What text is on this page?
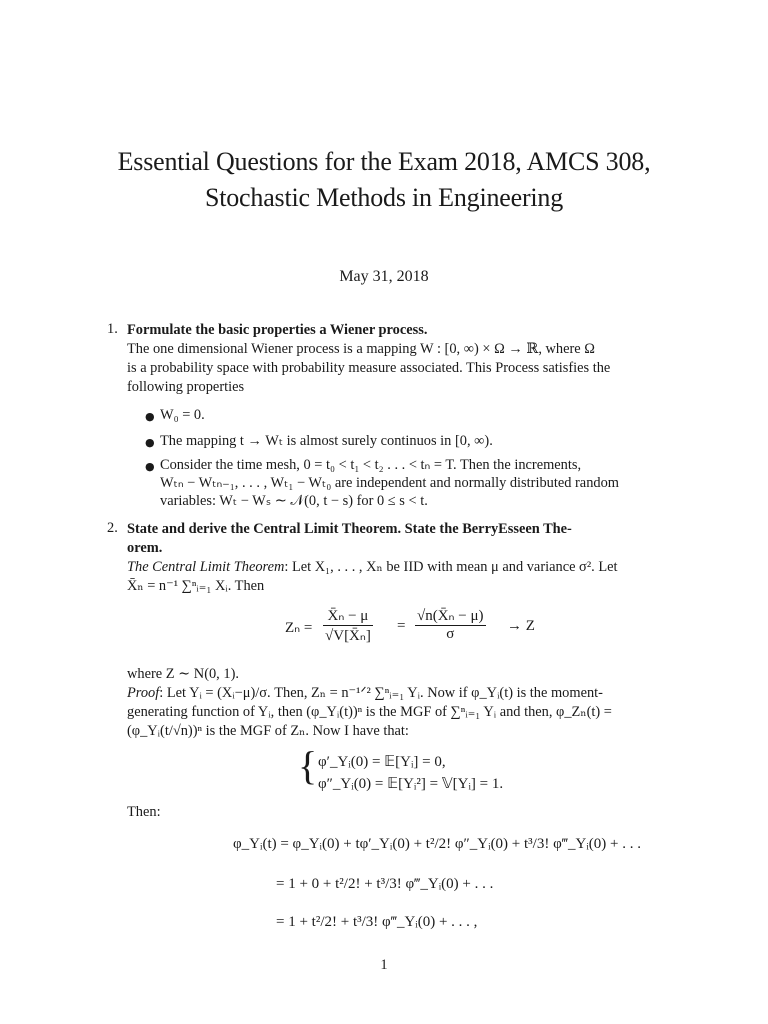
Essential Questions for the Exam 2018, AMCS 308,
Stochastic Methods in Engineering
May 31, 2018
1. Formulate the basic properties a Wiener process.
The one dimensional Wiener process is a mapping W : [0, ∞) × Ω → ℝ, where Ω
is a probability space with probability measure associated. This Process satisfies the
following properties
● W₀ = 0.
● The mapping t → Wₜ is almost surely continuos in [0, ∞).
● Consider the time mesh, 0 = t₀ < t₁ < t₂ . . . < tₙ = T. Then the increments,
Wₜₙ − Wₜₙ₋₁, . . . , Wₜ₁ − Wₜ₀ are independent and normally distributed random
variables: Wₜ − Wₛ ∼ 𝒩(0, t − s) for 0 ≤ s < t.
2. State and derive the Central Limit Theorem. State the BerryEsseen The-
orem.
The Central Limit Theorem: Let X₁, . . . , Xₙ be IID with mean μ and variance σ². Let
X̄ₙ = n⁻¹ ∑ⁿᵢ₌₁ Xᵢ. Then
$Z_n = \frac{\text{X̄ₙ − μ}}{\text{√V[X̄ₙ]}} = \frac{\text{√n(X̄ₙ − μ)}}{\sigma} \to Z$
where Z ∼ N(0, 1).
Proof: Let Yᵢ = (Xᵢ−μ)/σ. Then, Zₙ = n⁻¹ᐟ² ∑ⁿᵢ₌₁ Yᵢ. Now if φ_Yᵢ(t) is the moment-
generating function of Yᵢ, then (φ_Yᵢ(t))ⁿ is the MGF of ∑ⁿᵢ₌₁ Yᵢ and then, φ_Zₙ(t) =
(φ_Yᵢ(t/√n))ⁿ is the MGF of Zₙ. Now I have that:
{ φ′_Yᵢ(0) = 𝔼[Yᵢ] = 0,
φ″_Yᵢ(0) = 𝔼[Yᵢ²] = 𝕍[Yᵢ] = 1.
Then:
φ_Yᵢ(t) = φ_Yᵢ(0) + tφ′_Yᵢ(0) + t²/2! φ″_Yᵢ(0) + t³/3! φ‴_Yᵢ(0) + . . .
= 1 + 0 + t²/2! + t³/3! φ‴_Yᵢ(0) + . . .
= 1 + t²/2! + t³/3! φ‴_Yᵢ(0) + . . . ,
1
